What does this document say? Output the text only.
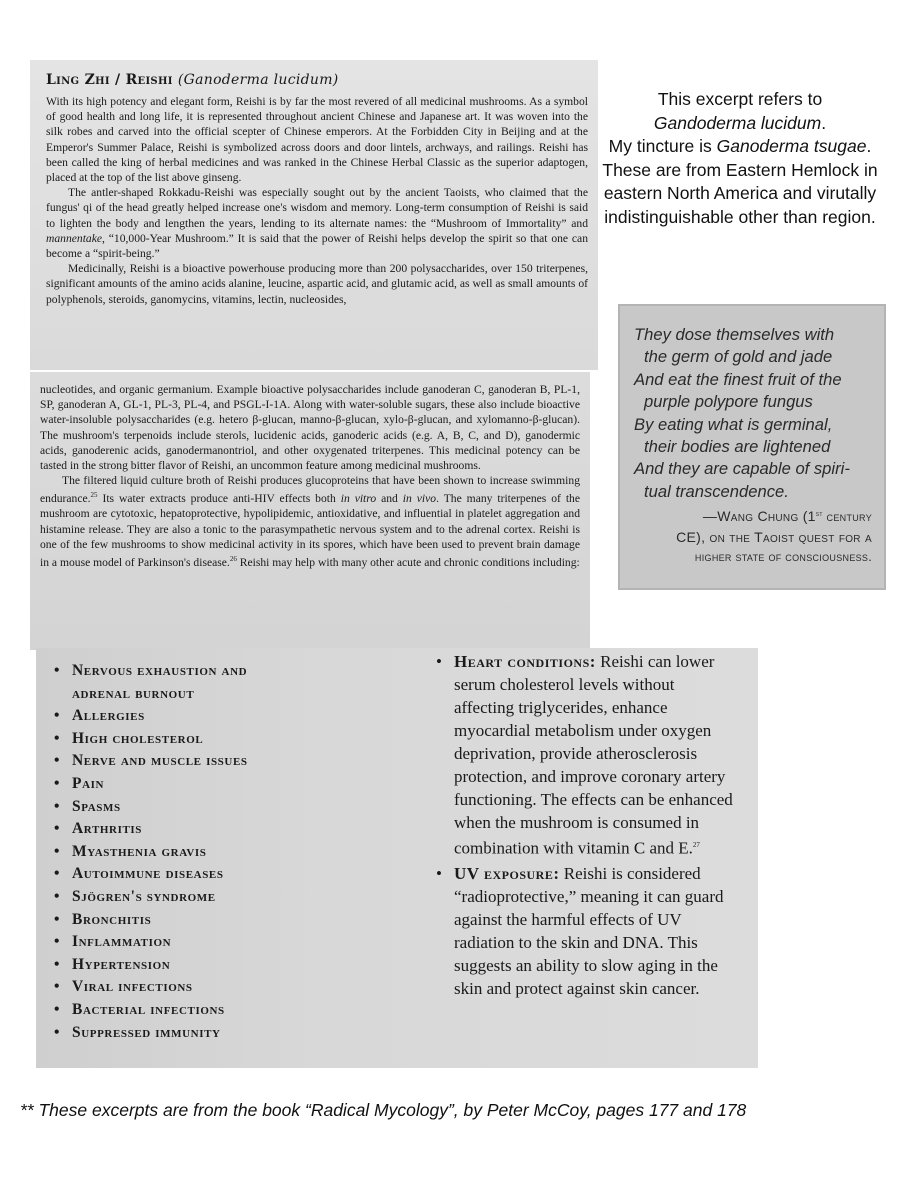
Ling Zhi / Reishi (Ganoderma lucidum)

With its high potency and elegant form, Reishi is by far the most revered of all medicinal mushrooms. As a symbol of good health and long life, it is represented throughout ancient Chinese and Japanese art. It was woven into the silk robes and carved into the official scepter of Chinese emperors. At the Forbidden City in Beijing and at the Emperor's Summer Palace, Reishi is symbolized across doors and door lintels, archways, and railings. Reishi has been called the king of herbal medicines and was ranked in the Chinese Herbal Classic as the superior adaptogen, placed at the top of the list above ginseng.

The antler-shaped Rokkadu-Reishi was especially sought out by the ancient Taoists, who claimed that the fungus' qi of the head greatly helped increase one's wisdom and memory. Long-term consumption of Reishi is said to lighten the body and lengthen the years, lending to its alternate names: the “Mushroom of Immortality” and mannentake, “10,000-Year Mushroom.” It is said that the power of Reishi helps develop the spirit so that one can become a “spirit-being.”

Medicinally, Reishi is a bioactive powerhouse producing more than 200 polysaccharides, over 150 triterpenes, significant amounts of the amino acids alanine, leucine, aspartic acid, and glutamic acid, as well as small amounts of polyphenols, steroids, ganomycins, vitamins, lectin, nucleosides,

nucleotides, and organic germanium. Example bioactive polysaccharides include ganoderan C, ganoderan B, PL-1, SP, ganoderan A, GL-1, PL-3, PL-4, and PSGL-I-1A. Along with water-soluble sugars, these also include bioactive water-insoluble polysaccharides (e.g. hetero β-glucan, manno-β-glucan, xylo-β-glucan, and xylomanno-β-glucan). The mushroom's terpenoids include sterols, lucidenic acids, ganoderic acids (e.g. A, B, C, and D), ganodermic acids, ganoderenic acids, ganodermanontriol, and other oxygenated triterpenes. This medicinal potency can be tasted in the strong bitter flavor of Reishi, an uncommon feature among medicinal mushrooms.

The filtered liquid culture broth of Reishi produces glucoproteins that have been shown to increase swimming endurance.$^{25}$ Its water extracts produce anti-HIV effects both in vitro and in vivo. The many triterpenes of the mushroom are cytotoxic, hepatoprotective, hypolipidemic, antioxidative, and influential in platelet aggregation and histamine release. They are also a tonic to the parasympathetic nervous system and to the adrenal cortex. Reishi is one of the few mushrooms to show medicinal activity in its spores, which have been used to prevent brain damage in a mouse model of Parkinson's disease.$^{26}$ Reishi may help with many other acute and chronic conditions including:

• Nervous exhaustion and
adrenal burnout
• Allergies
• High cholesterol
• Nerve and muscle issues
• Pain
• Spasms
• Arthritis
• Myasthenia gravis
• Autoimmune diseases
• Sjögren's syndrome
• Bronchitis
• Inflammation
• Hypertension
• Viral infections
• Bacterial infections
• Suppressed immunity
• Heart conditions: Reishi can lower serum cholesterol levels without affecting triglycerides, enhance myocardial metabolism under oxygen deprivation, provide atherosclerosis protection, and improve coronary artery functioning. The effects can be enhanced when the mushroom is consumed in combination with vitamin C and E.$^{27}$
• UV exposure: Reishi is considered “radioprotective,” meaning it can guard against the harmful effects of UV radiation to the skin and DNA. This suggests an ability to slow aging in the skin and protect against skin cancer.
This excerpt refers to
Gandoderma lucidum.
My tincture is Ganoderma tsugae.
These are from Eastern Hemlock in eastern North America and virutally indistinguishable other than region.
They dose themselves with
the germ of gold and jade
And eat the finest fruit of the
purple polypore fungus
By eating what is germinal,
their bodies are lightened
And they are capable of spiri-
tual transcendence.
—Wang Chung (1st century
CE), on the Taoist quest for a
higher state of consciousness.
** These excerpts are from the book “Radical Mycology”, by Peter McCoy, pages 177 and 178
